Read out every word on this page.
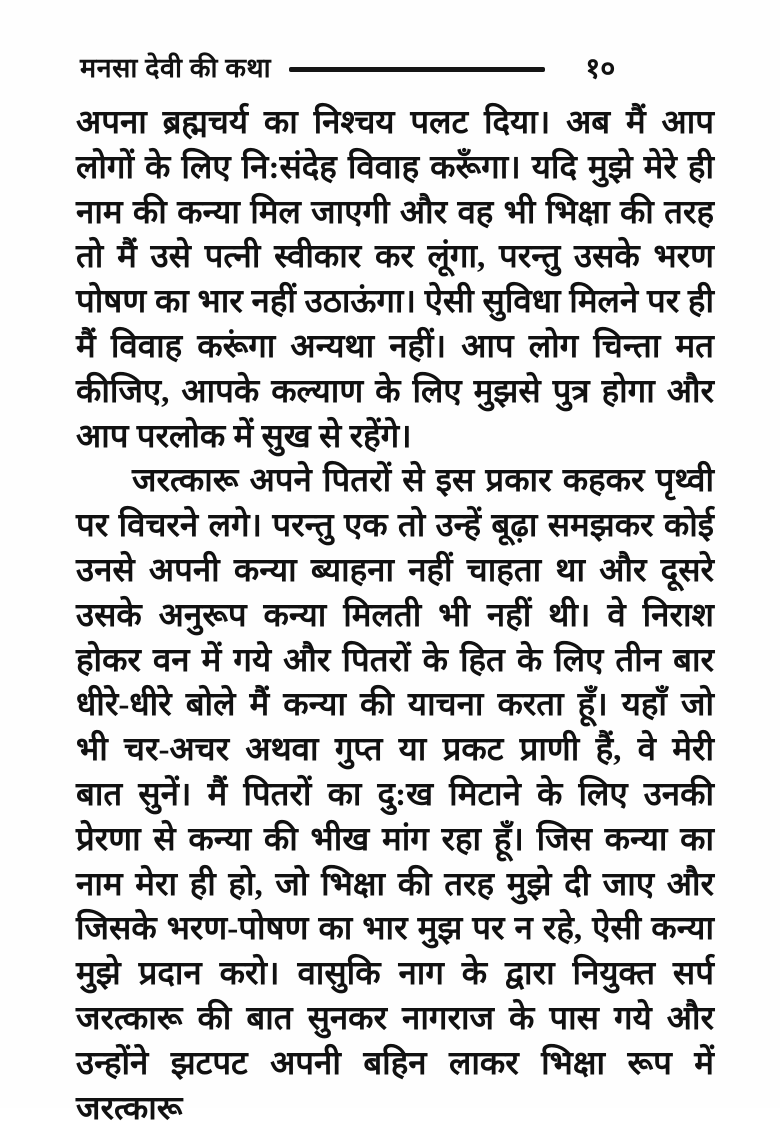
मनसा देवी की कथा	१०
अपना ब्रह्मचर्य का निश्चय पलट दिया। अब मैं आप
लोगों के लिए नि:संदेह विवाह करूँगा। यदि मुझे मेरे ही
नाम की कन्या मिल जाएगी और वह भी भिक्षा की तरह
तो मैं उसे पत्नी स्वीकार कर लूंगा, परन्तु उसके भरण
पोषण का भार नहीं उठाऊंगा। ऐसी सुविधा मिलने पर ही
मैं विवाह करूंगा अन्यथा नहीं। आप लोग चिन्ता मत
कीजिए, आपके कल्याण के लिए मुझसे पुत्र होगा और
आप परलोक में सुख से रहेंगे।
जरत्कारू अपने पितरों से इस प्रकार कहकर पृथ्वी
पर विचरने लगे। परन्तु एक तो उन्हें बूढ़ा समझकर कोई
उनसे अपनी कन्या ब्याहना नहीं चाहता था और दूसरे
उसके अनुरूप कन्या मिलती भी नहीं थी। वे निराश
होकर वन में गये और पितरों के हित के लिए तीन बार
धीरे-धीरे बोले मैं कन्या की याचना करता हूँ। यहाँ जो
भी चर-अचर अथवा गुप्त या प्रकट प्राणी हैं, वे मेरी
बात सुनें। मैं पितरों का दु:ख मिटाने के लिए उनकी
प्रेरणा से कन्या की भीख मांग रहा हूँ। जिस कन्या का
नाम मेरा ही हो, जो भिक्षा की तरह मुझे दी जाए और
जिसके भरण-पोषण का भार मुझ पर न रहे, ऐसी कन्या
मुझे प्रदान करो। वासुकि नाग के द्वारा नियुक्त सर्प
जरत्कारू की बात सुनकर नागराज के पास गये और
उन्होंने झटपट अपनी बहिन लाकर भिक्षा रूप में जरत्कारू
